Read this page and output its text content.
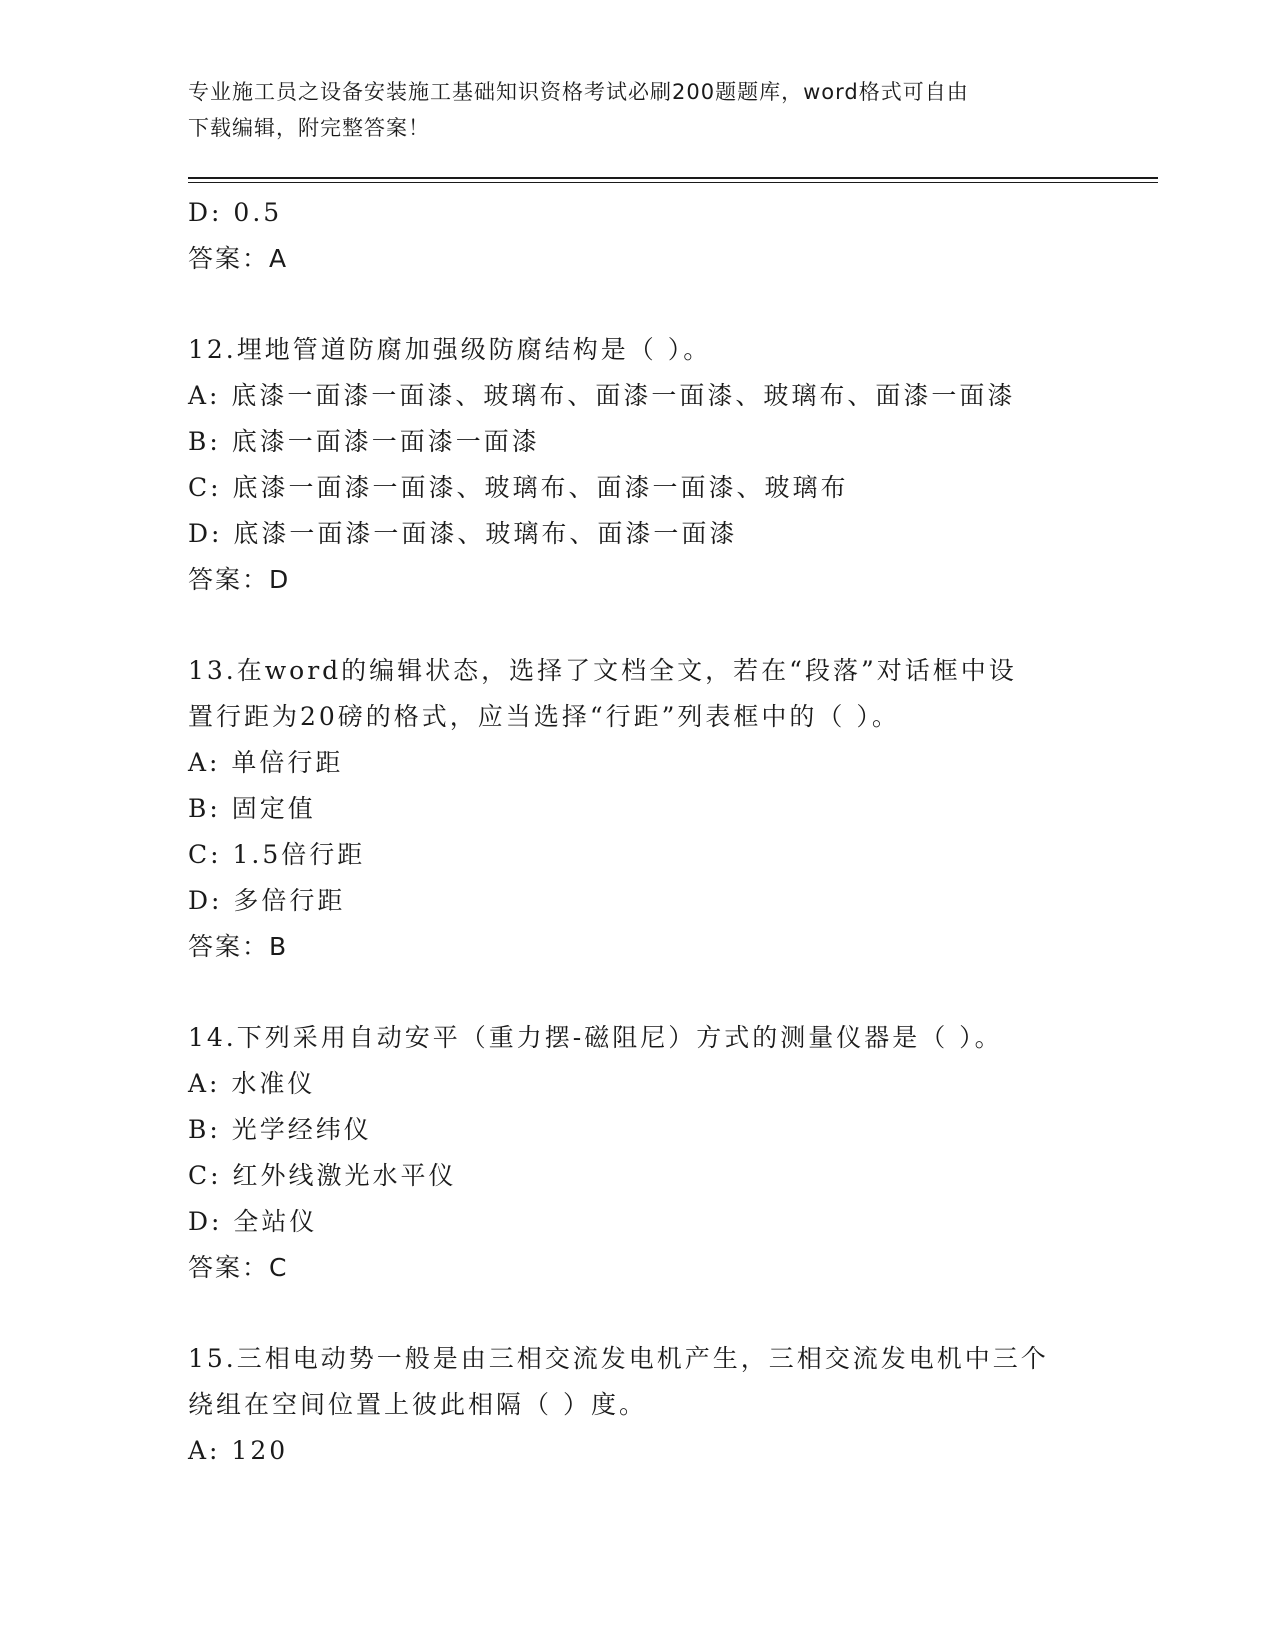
专业施工员之设备安装施工基础知识资格考试必刷200题题库，word格式可自由
下载编辑，附完整答案！
D: 0.5
答案：A
12.埋地管道防腐加强级防腐结构是（ ）。
A: 底漆一面漆一面漆、玻璃布、面漆一面漆、玻璃布、面漆一面漆
B: 底漆一面漆一面漆一面漆
C: 底漆一面漆一面漆、玻璃布、面漆一面漆、玻璃布
D: 底漆一面漆一面漆、玻璃布、面漆一面漆
答案：D
13.在word的编辑状态，选择了文档全文，若在“段落”对话框中设
置行距为20磅的格式，应当选择“行距”列表框中的（ ）。
A: 单倍行距
B: 固定值
C: 1.5倍行距
D: 多倍行距
答案：B
14.下列采用自动安平（重力摆-磁阻尼）方式的测量仪器是（ ）。
A: 水准仪
B: 光学经纬仪
C: 红外线激光水平仪
D: 全站仪
答案：C
15.三相电动势一般是由三相交流发电机产生，三相交流发电机中三个
绕组在空间位置上彼此相隔（ ）度。
A: 120
